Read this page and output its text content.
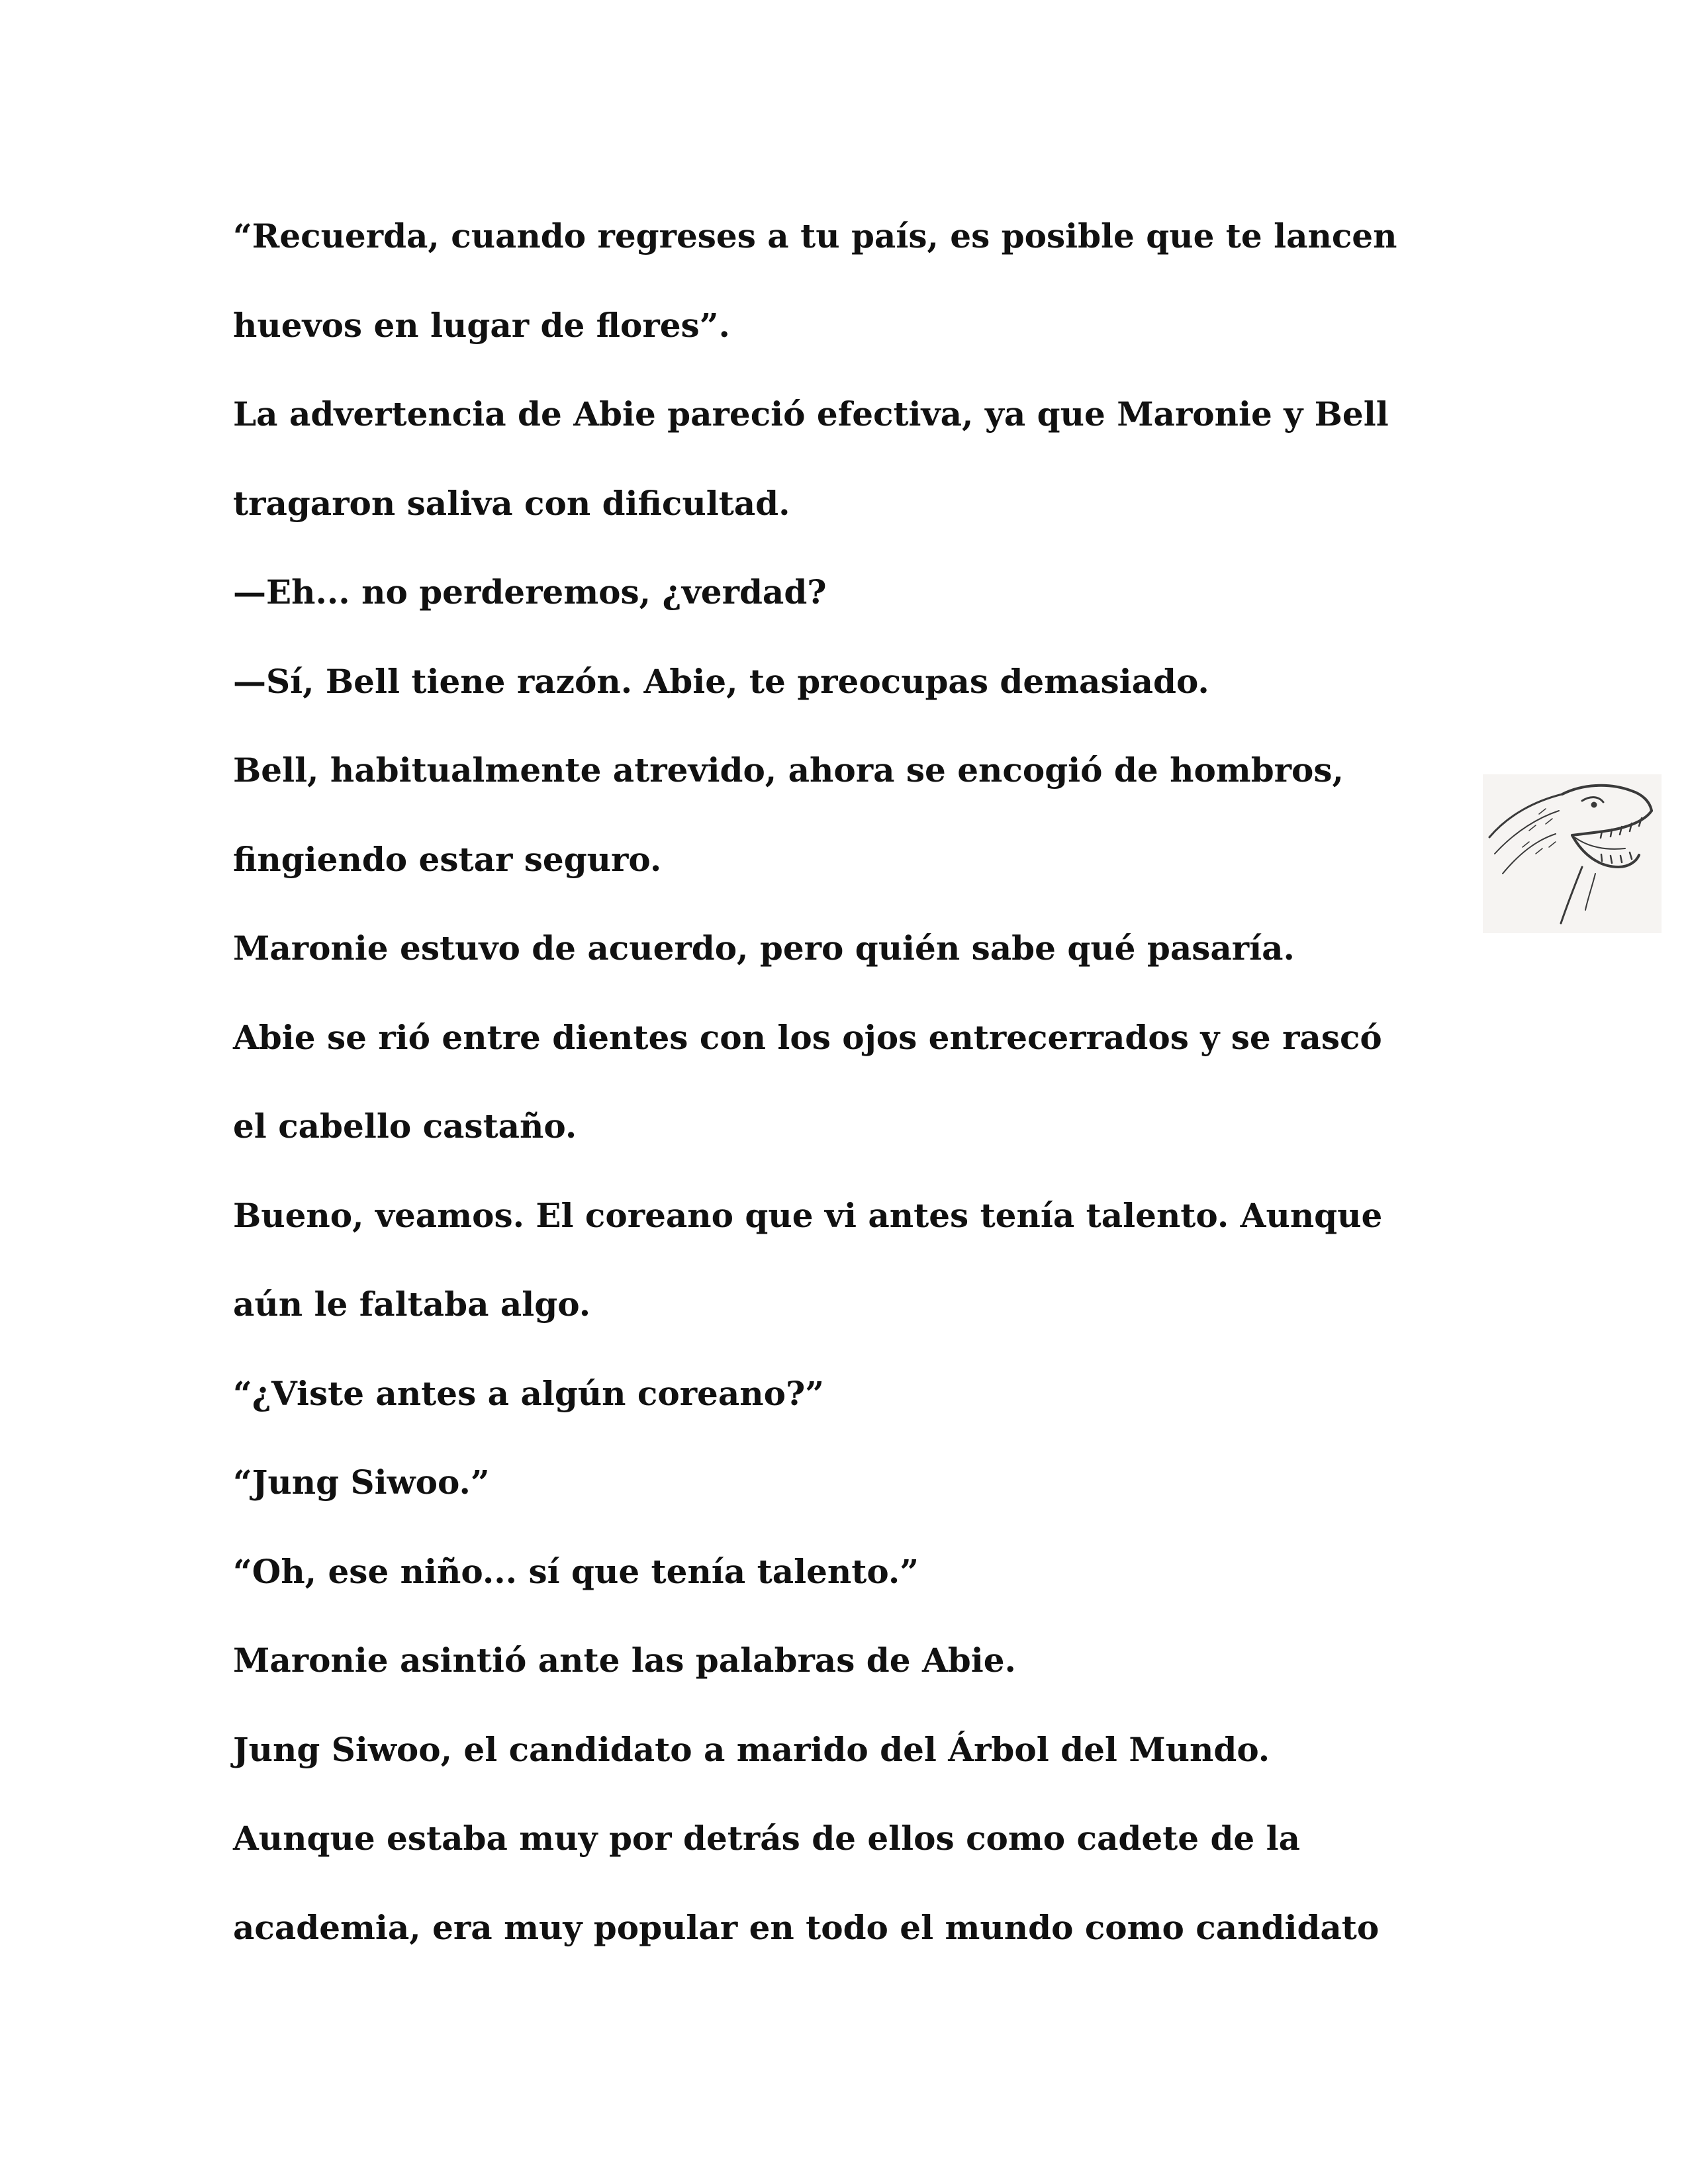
“Recuerda, cuando regreses a tu país, es posible que te lancen

huevos en lugar de flores”.

La advertencia de Abie pareció efectiva, ya que Maronie y Bell

tragaron saliva con dificultad.

—Eh... no perderemos, ¿verdad?

—Sí, Bell tiene razón. Abie, te preocupas demasiado.

Bell, habitualmente atrevido, ahora se encogió de hombros,

fingiendo estar seguro.

Maronie estuvo de acuerdo, pero quién sabe qué pasaría.

Abie se rió entre dientes con los ojos entrecerrados y se rascó

el cabello castaño.

Bueno, veamos. El coreano que vi antes tenía talento. Aunque

aún le faltaba algo.

“¿Viste antes a algún coreano?”

“Jung Siwoo.”

“Oh, ese niño... sí que tenía talento.”

Maronie asintió ante las palabras de Abie.

Jung Siwoo, el candidato a marido del Árbol del Mundo.

Aunque estaba muy por detrás de ellos como cadete de la

academia, era muy popular en todo el mundo como candidato
